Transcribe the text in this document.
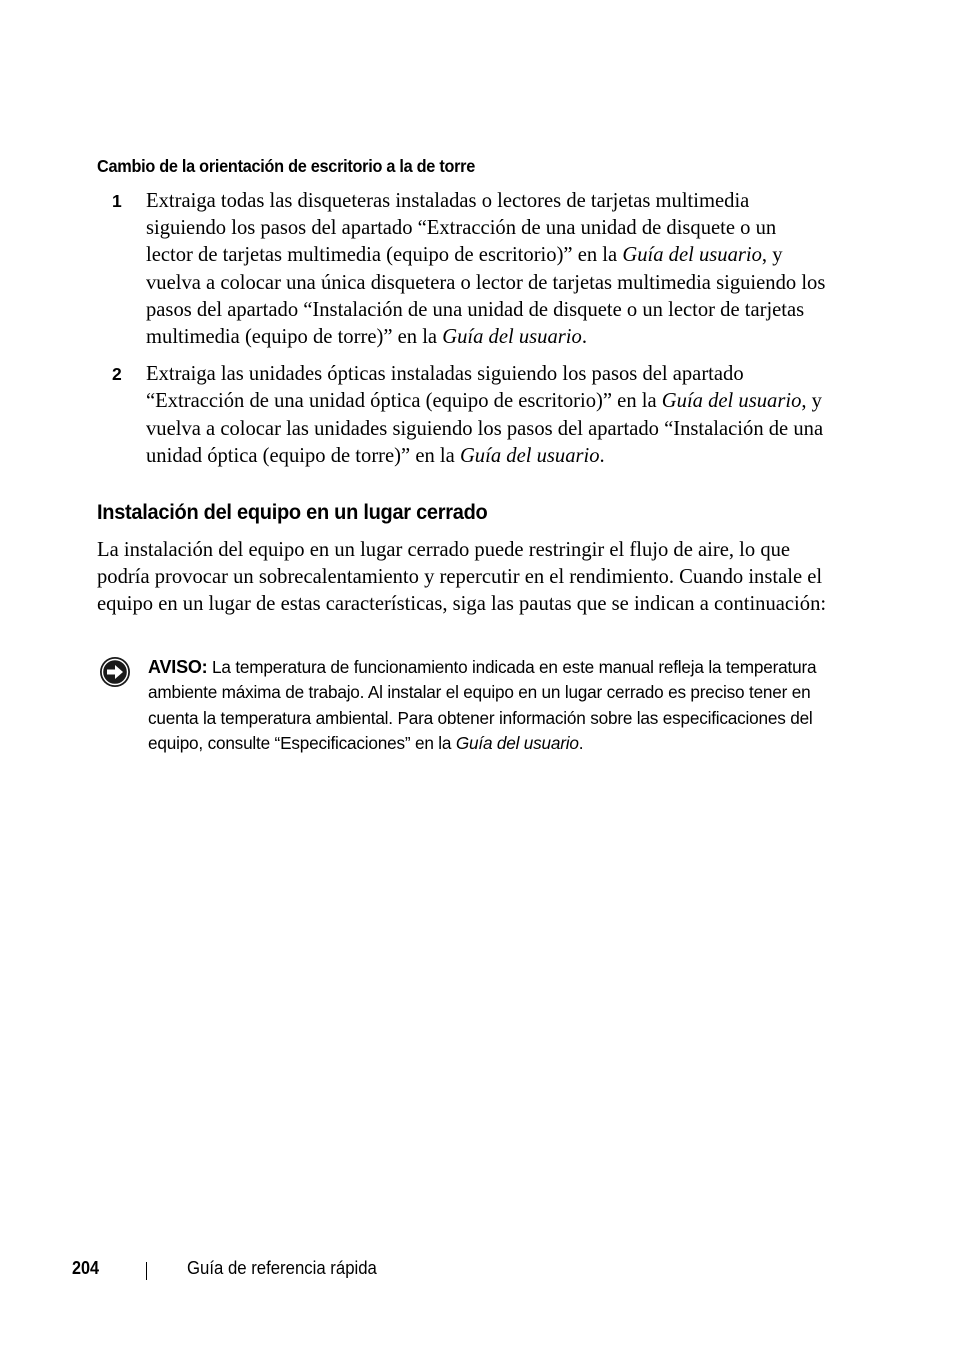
Cambio de la orientación de escritorio a la de torre
1 Extraiga todas las disqueteras instaladas o lectores de tarjetas multimedia siguiendo los pasos del apartado “Extracción de una unidad de disquete o un lector de tarjetas multimedia (equipo de escritorio)” en la Guía del usuario, y vuelva a colocar una única disquetera o lector de tarjetas multimedia siguiendo los pasos del apartado “Instalación de una unidad de disquete o un lector de tarjetas multimedia (equipo de torre)” en la Guía del usuario.
2 Extraiga las unidades ópticas instaladas siguiendo los pasos del apartado “Extracción de una unidad óptica (equipo de escritorio)” en la Guía del usuario, y vuelva a colocar las unidades siguiendo los pasos del apartado “Instalación de una unidad óptica (equipo de torre)” en la Guía del usuario.
Instalación del equipo en un lugar cerrado
La instalación del equipo en un lugar cerrado puede restringir el flujo de aire, lo que podría provocar un sobrecalentamiento y repercutir en el rendimiento. Cuando instale el equipo en un lugar de estas características, siga las pautas que se indican a continuación:
AVISO: La temperatura de funcionamiento indicada en este manual refleja la temperatura ambiente máxima de trabajo. Al instalar el equipo en un lugar cerrado es preciso tener en cuenta la temperatura ambiental. Para obtener información sobre las especificaciones del equipo, consulte “Especificaciones” en la Guía del usuario.
204	Guía de referencia rápida
